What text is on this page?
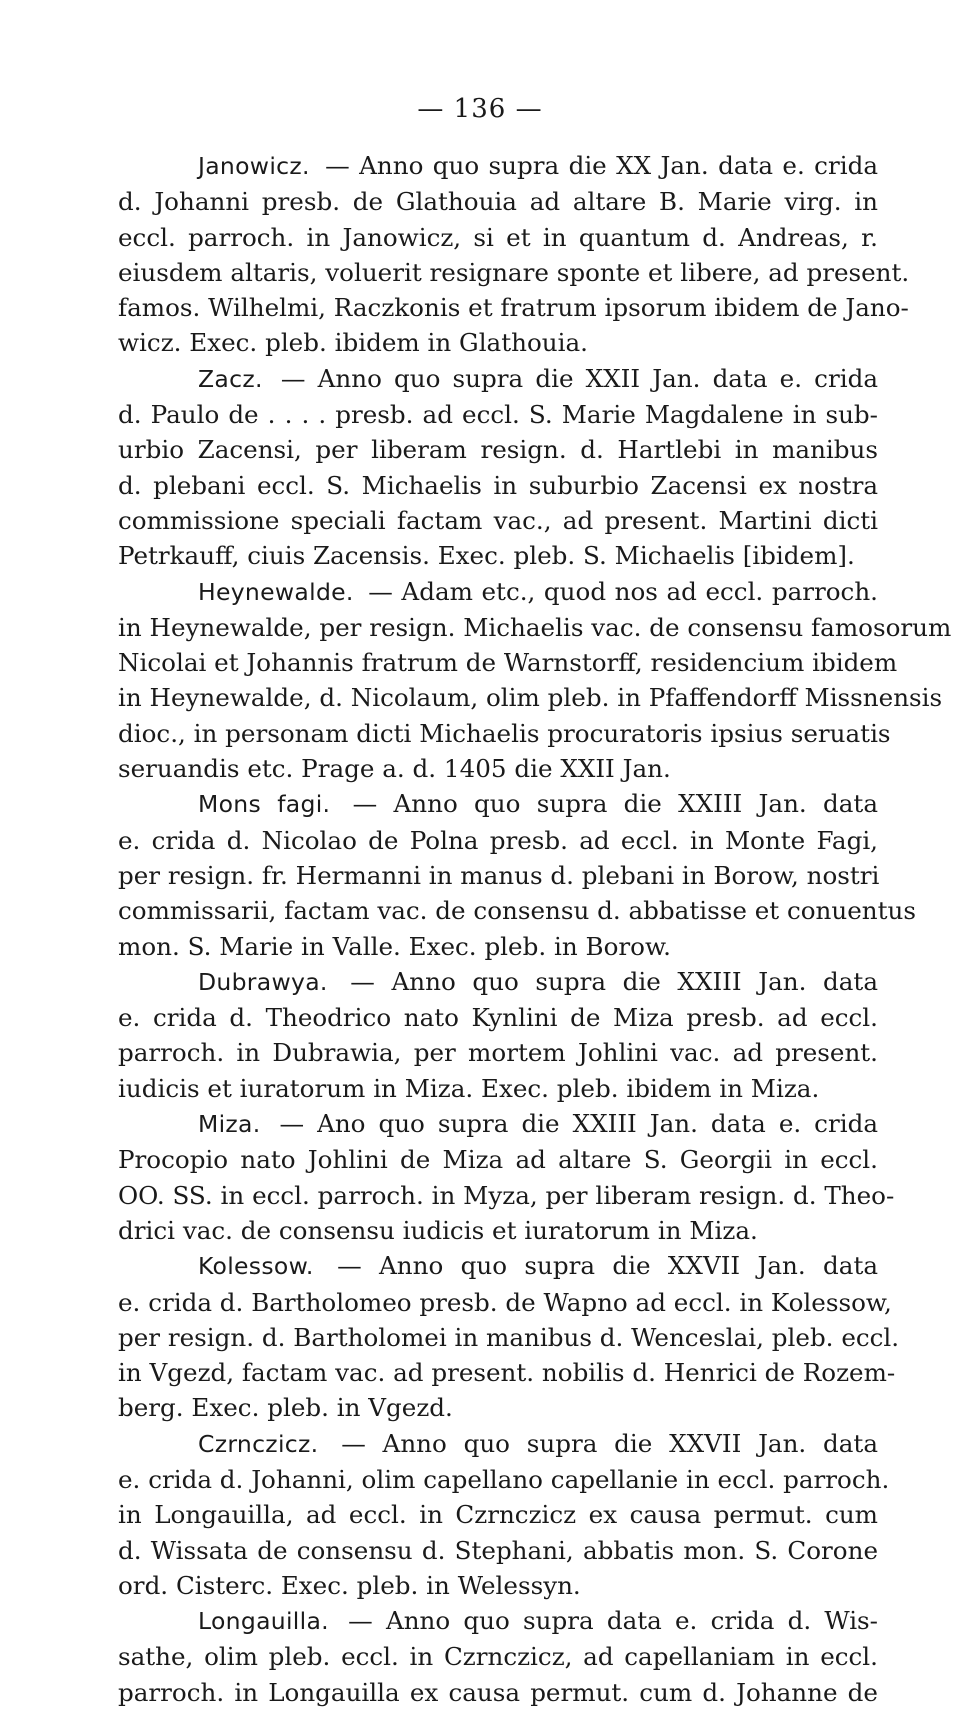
— 136 —

Janowicz. — Anno quo supra die XX Jan. data e. crida
d. Johanni presb. de Glathouia ad altare B. Marie virg. in
eccl. parroch. in Janowicz, si et in quantum d. Andreas, r.
eiusdem altaris, voluerit resignare sponte et libere, ad present.
famos. Wilhelmi, Raczkonis et fratrum ipsorum ibidem de Jano-
wicz. Exec. pleb. ibidem in Glathouia.

Zacz. — Anno quo supra die XXII Jan. data e. crida
d. Paulo de . . . . presb. ad eccl. S. Marie Magdalene in sub-
urbio Zacensi, per liberam resign. d. Hartlebi in manibus
d. plebani eccl. S. Michaelis in suburbio Zacensi ex nostra
commissione speciali factam vac., ad present. Martini dicti
Petrkauff, ciuis Zacensis. Exec. pleb. S. Michaelis [ibidem].

Heynewalde. — Adam etc., quod nos ad eccl. parroch.
in Heynewalde, per resign. Michaelis vac. de consensu famosorum
Nicolai et Johannis fratrum de Warnstorff, residencium ibidem
in Heynewalde, d. Nicolaum, olim pleb. in Pfaffendorff Missnensis
dioc., in personam dicti Michaelis procuratoris ipsius seruatis
seruandis etc. Prage a. d. 1405 die XXII Jan.

Mons fagi. — Anno quo supra die XXIII Jan. data
e. crida d. Nicolao de Polna presb. ad eccl. in Monte Fagi,
per resign. fr. Hermanni in manus d. plebani in Borow, nostri
commissarii, factam vac. de consensu d. abbatisse et conuentus
mon. S. Marie in Valle. Exec. pleb. in Borow.

Dubrawya. — Anno quo supra die XXIII Jan. data
e. crida d. Theodrico nato Kynlini de Miza presb. ad eccl.
parroch. in Dubrawia, per mortem Johlini vac. ad present.
iudicis et iuratorum in Miza. Exec. pleb. ibidem in Miza.

Miza. — Ano quo supra die XXIII Jan. data e. crida
Procopio nato Johlini de Miza ad altare S. Georgii in eccl.
OO. SS. in eccl. parroch. in Myza, per liberam resign. d. Theo-
drici vac. de consensu iudicis et iuratorum in Miza.

Kolessow. — Anno quo supra die XXVII Jan. data
e. crida d. Bartholomeo presb. de Wapno ad eccl. in Kolessow,
per resign. d. Bartholomei in manibus d. Wenceslai, pleb. eccl.
in Vgezd, factam vac. ad present. nobilis d. Henrici de Rozem-
berg. Exec. pleb. in Vgezd.

Czrnczicz. — Anno quo supra die XXVII Jan. data
e. crida d. Johanni, olim capellano capellanie in eccl. parroch.
in Longauilla, ad eccl. in Czrnczicz ex causa permut. cum
d. Wissata de consensu d. Stephani, abbatis mon. S. Corone
ord. Cisterc. Exec. pleb. in Welessyn.

Longauilla. — Anno quo supra data e. crida d. Wis-
sathe, olim pleb. eccl. in Czrnczicz, ad capellaniam in eccl.
parroch. in Longauilla ex causa permut. cum d. Johanne de
